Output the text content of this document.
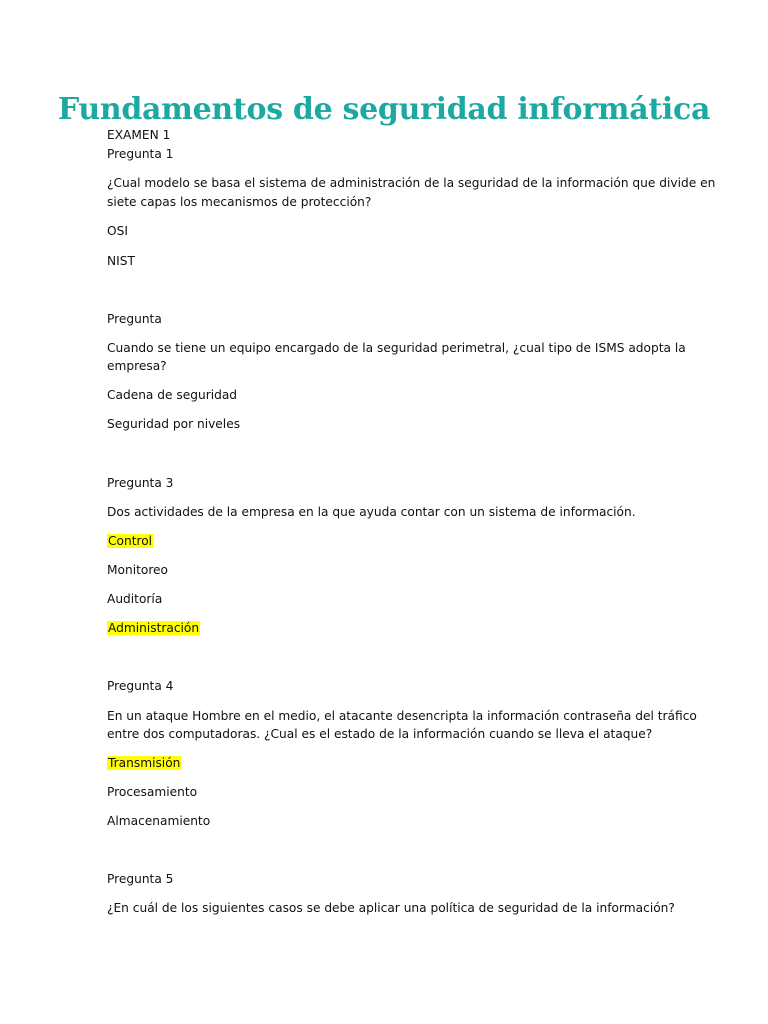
Fundamentos de seguridad informática

EXAMEN 1

Pregunta 1

¿Cual modelo se basa el sistema de administración de la seguridad de la información que divide en

siete capas los mecanismos de protección?

OSI

NIST

Pregunta

Cuando se tiene un equipo encargado de la seguridad perimetral, ¿cual tipo de ISMS adopta la

empresa?

Cadena de seguridad

Seguridad por niveles

Pregunta 3

Dos actividades de la empresa en la que ayuda contar con un sistema de información.

Control

Monitoreo

Auditoría

Administración

Pregunta 4

En un ataque Hombre en el medio, el atacante desencripta la información contraseña del tráfico

entre dos computadoras. ¿Cual es el estado de la información cuando se lleva el ataque?

Transmisión

Procesamiento

Almacenamiento

Pregunta 5

¿En cuál de los siguientes casos se debe aplicar una política de seguridad de la información?
